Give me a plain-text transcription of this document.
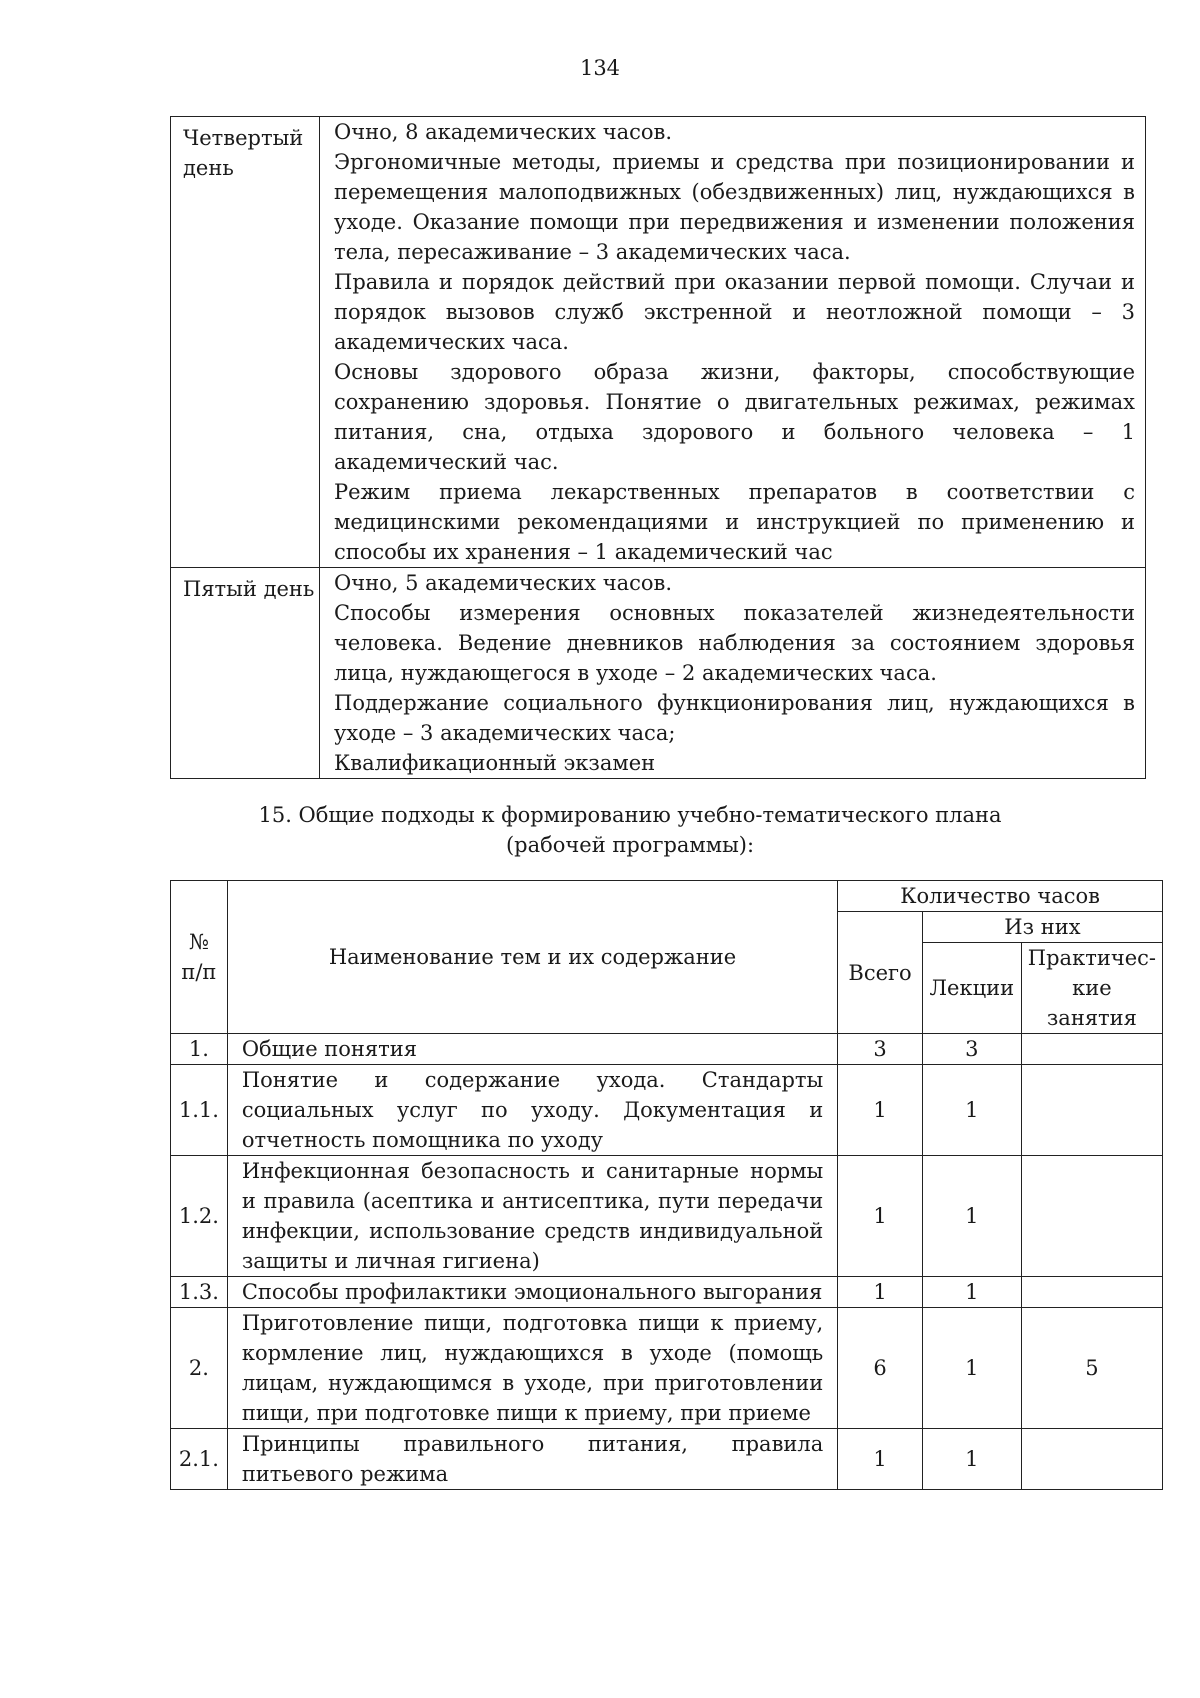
134
Четвертый день	Очно, 8 академических часов.

Эргономичные методы, приемы и средства при позиционировании и перемещения малоподвижных (обездвиженных) лиц, нуждающихся в уходе. Оказание помощи при передвижения и изменении положения тела, пересаживание – 3 академических часа.

Правила и порядок действий при оказании первой помощи. Случаи и порядок вызовов служб экстренной и неотложной помощи – 3 академических часа.

Основы здорового образа жизни, факторы, способствующие сохранению здоровья. Понятие о двигательных режимах, режимах питания, сна, отдыха здорового и больного человека – 1 академический час.

Режим приема лекарственных препаратов в соответствии с медицинскими рекомендациями и инструкцией по применению и способы их хранения – 1 академический час

Пятый день	Очно, 5 академических часов.

Способы измерения основных показателей жизнедеятельности человека. Ведение дневников наблюдения за состоянием здоровья лица, нуждающегося в уходе – 2 академических часа.

Поддержание социального функционирования лиц, нуждающихся в уходе – 3 академических часа;

Квалификационный экзамен

15. Общие подходы к формированию учебно-тематического плана
(рабочей программы):
№ п/п	Наименование тем и их содержание	Количество часов		
		Всего	Из них	
			Лекции	Практичес-кие занятия
1.	Общие понятия	3	3	
1.1.	Понятие и содержание ухода. Стандарты социальных услуг по уходу. Документация и отчетность помощника по уходу	1	1	
1.2.	Инфекционная безопасность и санитарные нормы и правила (асептика и антисептика, пути передачи инфекции, использование средств индивидуальной защиты и личная гигиена)	1	1	
1.3.	Способы профилактики эмоционального выгорания	1	1	
2.	Приготовление пищи, подготовка пищи к приему, кормление лиц, нуждающихся в уходе (помощь лицам, нуждающимся в уходе, при приготовлении пищи, при подготовке пищи к приему, при приеме	6	1	5
2.1.	Принципы правильного питания, правила питьевого режима	1	1	
